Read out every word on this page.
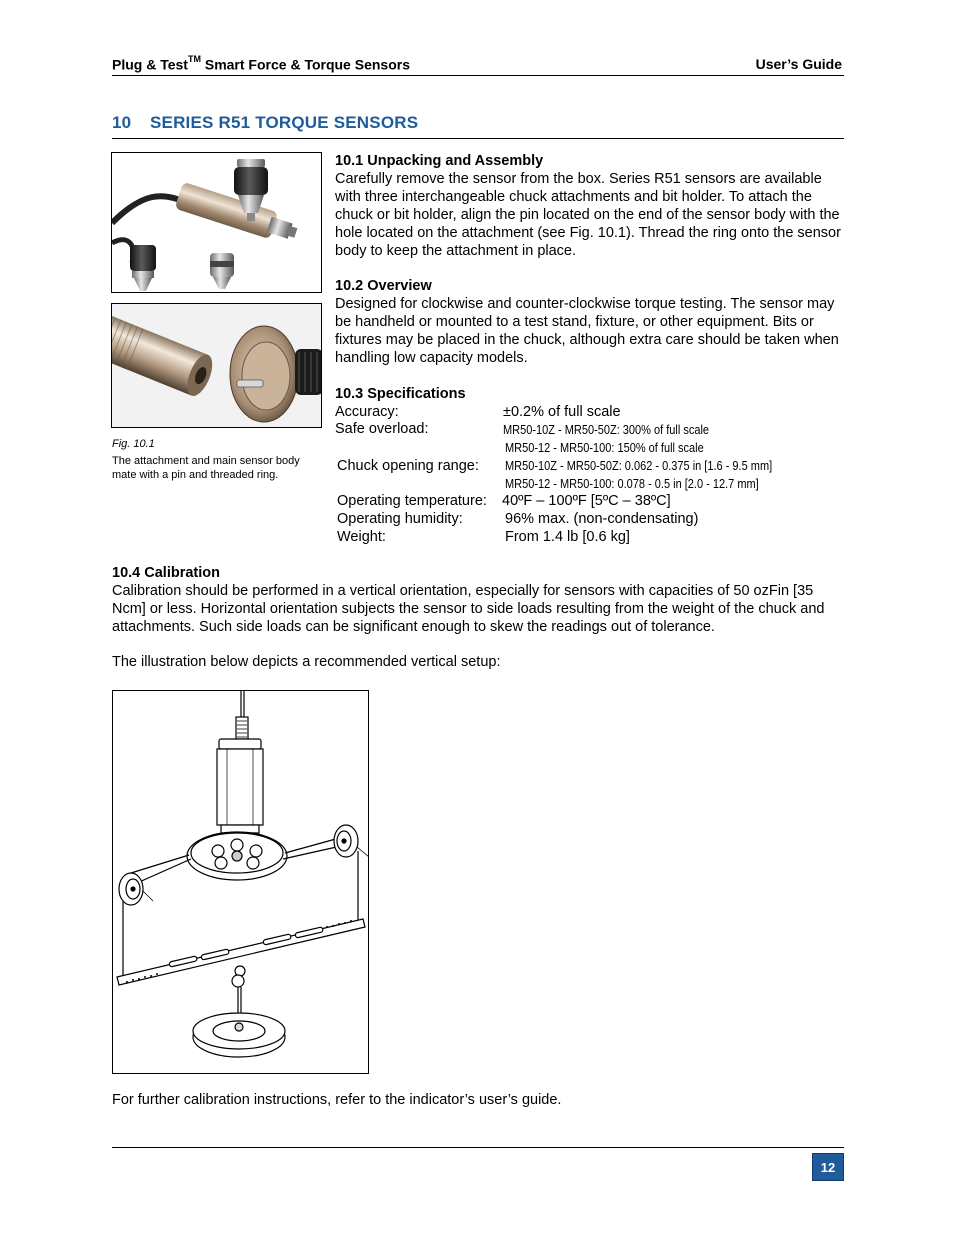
Plug & Test™ Smart Force & Torque Sensors	User’s Guide
10 SERIES R51 TORQUE SENSORS
Fig. 10.1
The attachment and main sensor body mate with a pin and threaded ring.
10.1 Unpacking and Assembly
Carefully remove the sensor from the box. Series R51 sensors are available with three interchangeable chuck attachments and bit holder. To attach the chuck or bit holder, align the pin located on the end of the sensor body with the hole located on the attachment (see Fig. 10.1). Thread the ring onto the sensor body to keep the attachment in place.
10.2 Overview
Designed for clockwise and counter-clockwise torque testing. The sensor may be handheld or mounted to a test stand, fixture, or other equipment. Bits or fixtures may be placed in the chuck, although extra care should be taken when handling low capacity models.
10.3 Specifications
Accuracy:	±0.2% of full scale
Safe overload:	MR50-10Z - MR50-50Z: 300% of full scale
MR50-12 - MR50-100: 150% of full scale
Chuck opening range: MR50-10Z - MR50-50Z: 0.062 - 0.375 in [1.6 - 9.5 mm]
MR50-12 - MR50-100: 0.078 - 0.5 in [2.0 - 12.7 mm]
Operating temperature: 40ºF – 100ºF [5ºC – 38ºC]
Operating humidity:	96% max. (non-condensating)
Weight:	From 1.4 lb [0.6 kg]
10.4 Calibration
Calibration should be performed in a vertical orientation, especially for sensors with capacities of 50 ozFin [35 Ncm] or less. Horizontal orientation subjects the sensor to side loads resulting from the weight of the chuck and attachments. Such side loads can be significant enough to skew the readings out of tolerance.
The illustration below depicts a recommended vertical setup:
For further calibration instructions, refer to the indicator’s user’s guide.
12
